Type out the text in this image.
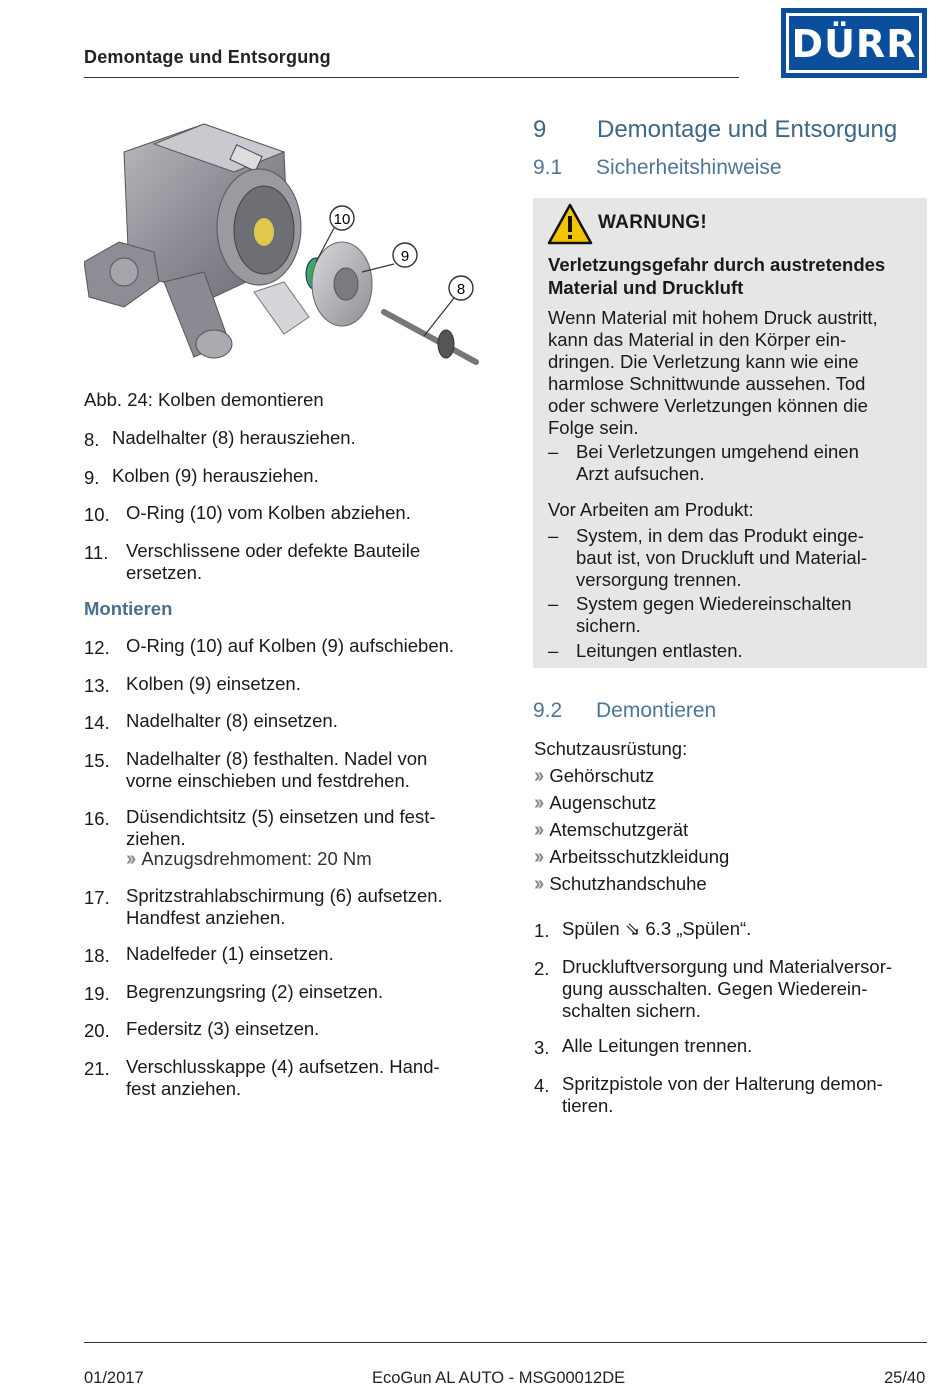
Demontage und Entsorgung	DÜRR
10
9
8
Abb. 24: Kolben demontieren
8. Nadelhalter (8) herausziehen.
9. Kolben (9) herausziehen.
10. O-Ring (10) vom Kolben abziehen.
11. Verschlissene oder defekte Bauteile
ersetzen.
Montieren
12. O-Ring (10) auf Kolben (9) aufschieben.
13. Kolben (9) einsetzen.
14. Nadelhalter (8) einsetzen.
15. Nadelhalter (8) festhalten. Nadel von
vorne einschieben und festdrehen.
16. Düsendichtsitz (5) einsetzen und fest-
ziehen.
›› Anzugsdrehmoment: 20 Nm
17. Spritzstrahlabschirmung (6) aufsetzen.
Handfest anziehen.
18. Nadelfeder (1) einsetzen.
19. Begrenzungsring (2) einsetzen.
20. Federsitz (3) einsetzen.
21. Verschlusskappe (4) aufsetzen. Hand-
fest anziehen.
9 Demontage und Entsorgung
9.1 Sicherheitshinweise
WARNUNG!
Verletzungsgefahr durch austretendes Material und Druckluft
Wenn Material mit hohem Druck austritt,
kann das Material in den Körper ein-
dringen. Die Verletzung kann wie eine
harmlose Schnittwunde aussehen. Tod
oder schwere Verletzungen können die
Folge sein.
– Bei Verletzungen umgehend einen
Arzt aufsuchen.
Vor Arbeiten am Produkt:
– System, in dem das Produkt einge-
baut ist, von Druckluft und Material-
versorgung trennen.
– System gegen Wiedereinschalten
sichern.
– Leitungen entlasten.
9.2 Demontieren
Schutzausrüstung:
›› Gehörschutz
›› Augenschutz
›› Atemschutzgerät
›› Arbeitsschutzkleidung
›› Schutzhandschuhe
1. Spülen ⇘ 6.3 „Spülen“.
2. Druckluftversorgung und Materialversor-
gung ausschalten. Gegen Wiederein-
schalten sichern.
3. Alle Leitungen trennen.
4. Spritzpistole von der Halterung demon-
tieren.
01/2017	EcoGun AL AUTO - MSG00012DE	25/40
